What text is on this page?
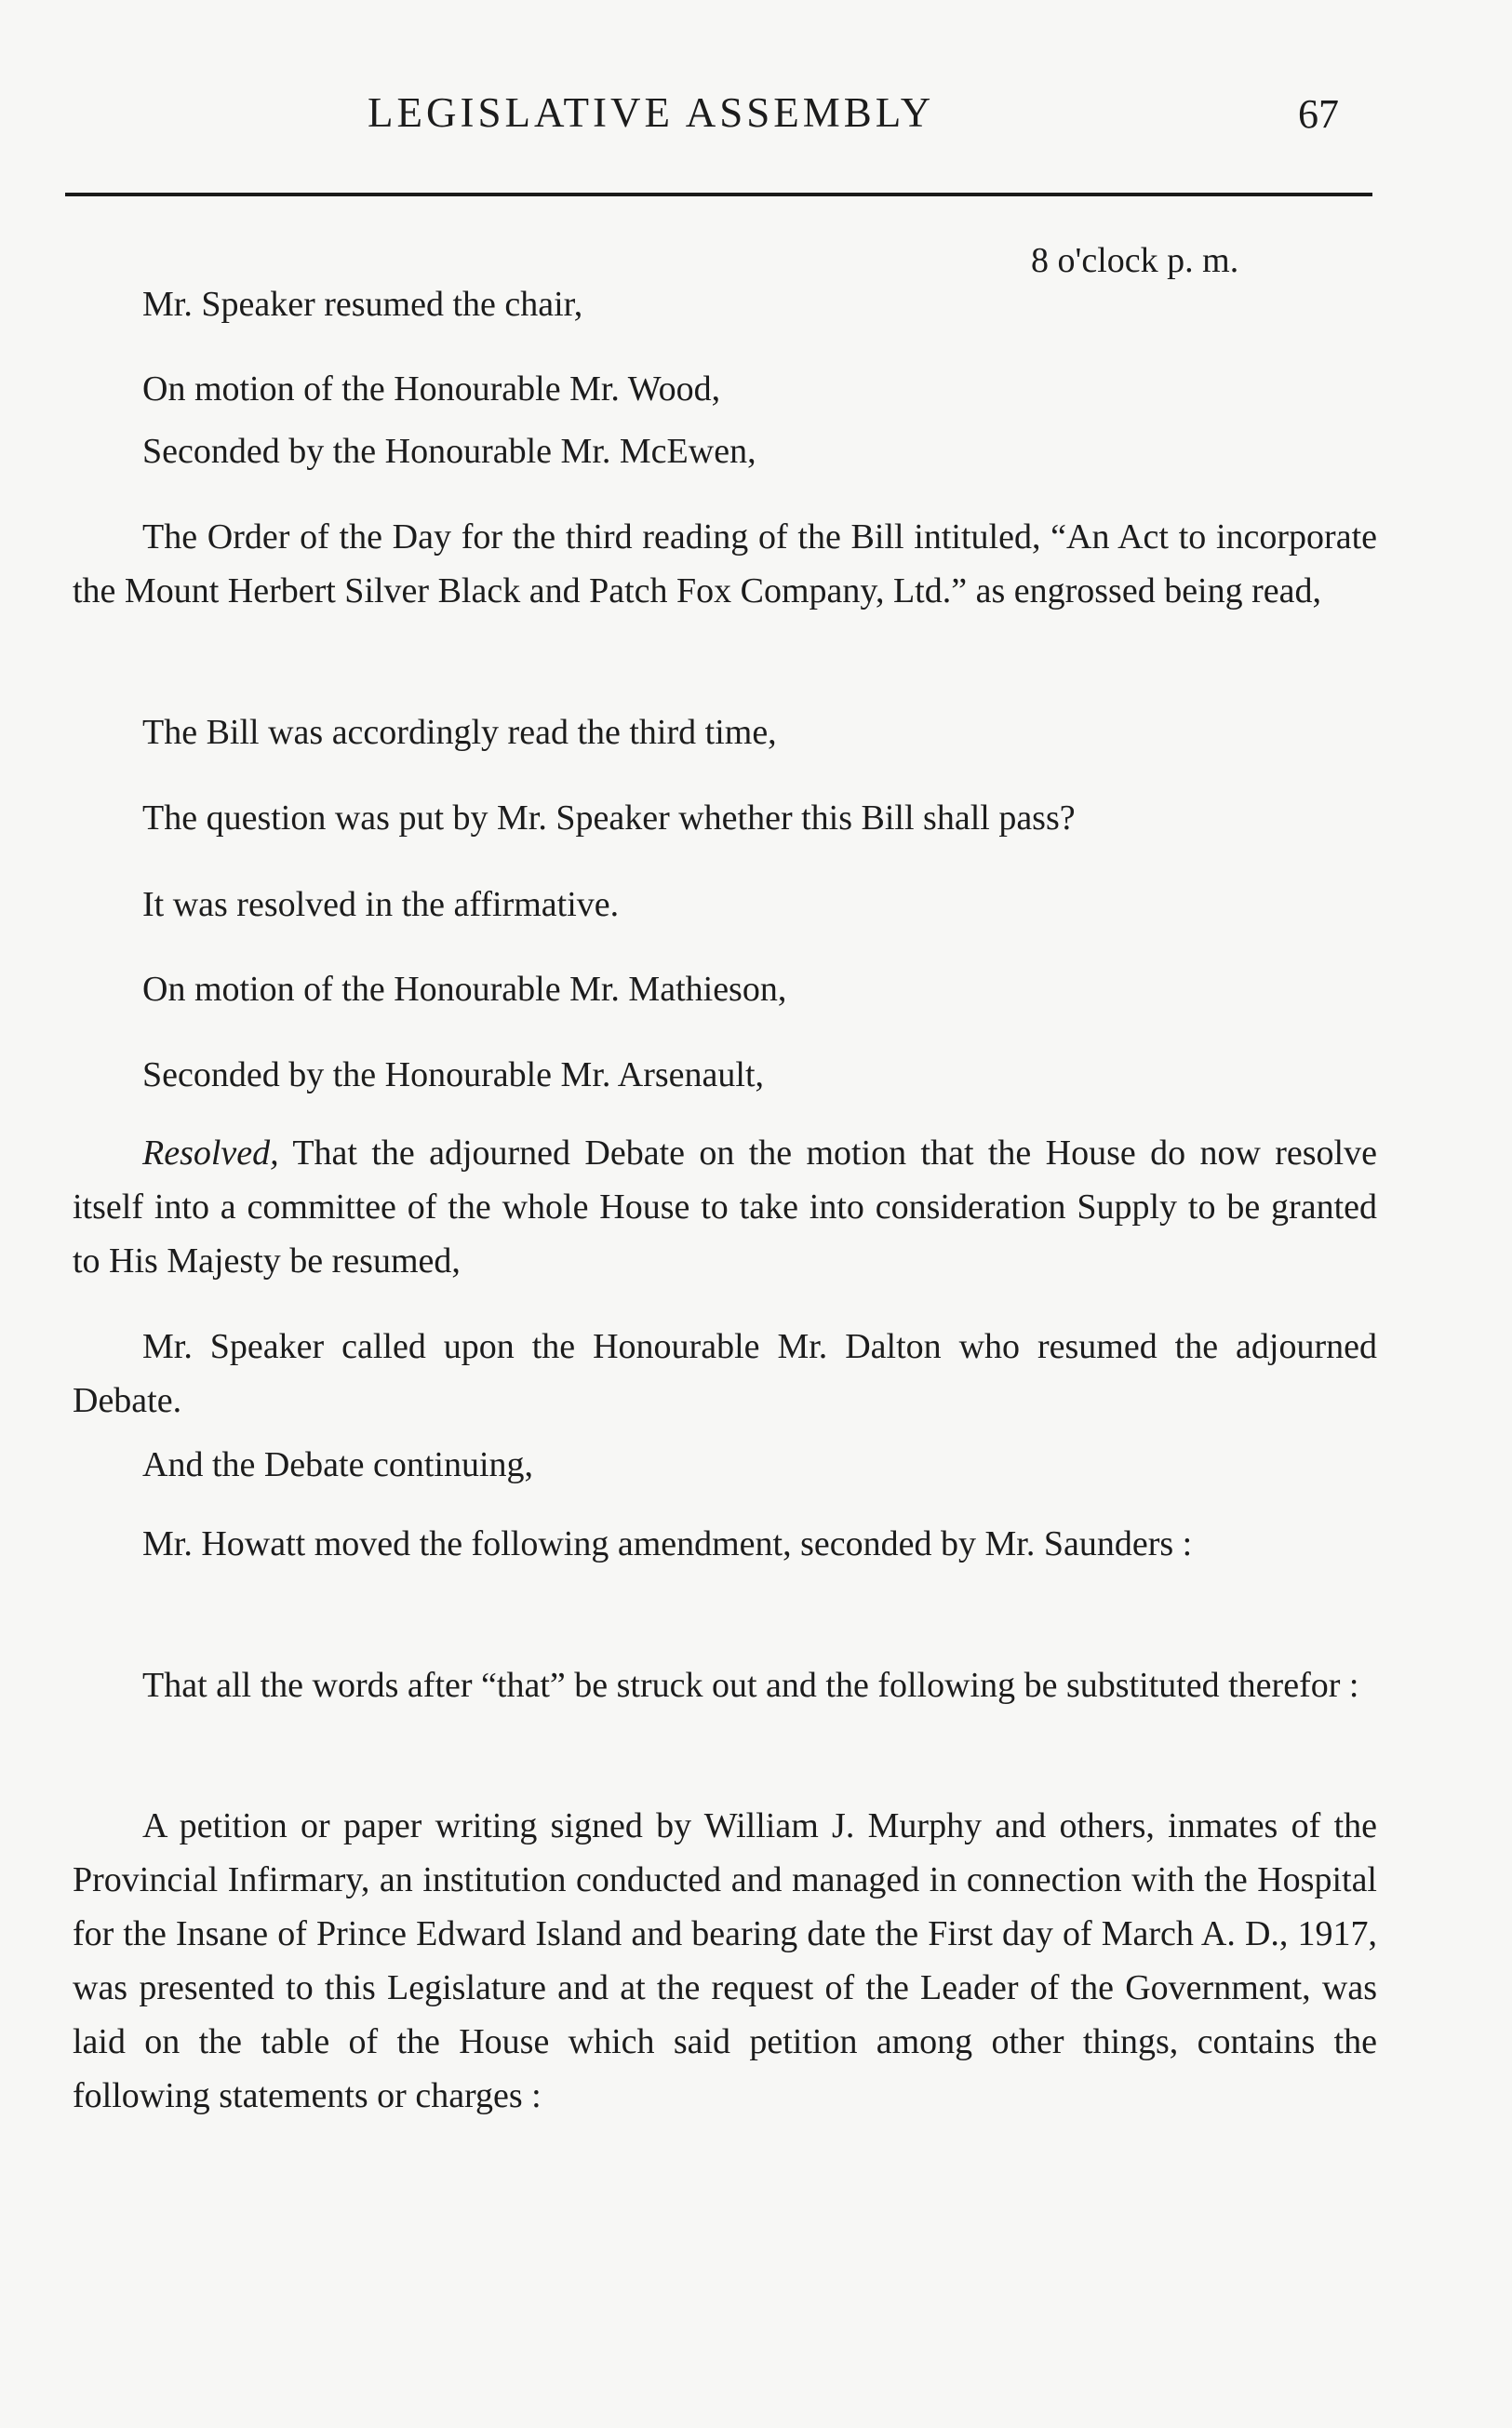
LEGISLATIVE ASSEMBLY	67
8 o'clock p. m.

Mr. Speaker resumed the chair,

On motion of the Honourable Mr. Wood,

Seconded by the Honourable Mr. McEwen,

The Order of the Day for the third reading of the Bill intituled, “An Act to incorporate the Mount Herbert Silver Black and Patch Fox Company, Ltd.” as engrossed being read,

The Bill was accordingly read the third time,

The question was put by Mr. Speaker whether this Bill shall pass?

It was resolved in the affirmative.

On motion of the Honourable Mr. Mathieson,

Seconded by the Honourable Mr. Arsenault,

Resolved, That the adjourned Debate on the motion that the House do now resolve itself into a committee of the whole House to take into consideration Supply to be granted to His Majesty be resumed,

Mr. Speaker called upon the Honourable Mr. Dalton who resumed the adjourned Debate.

And the Debate continuing,

Mr. Howatt moved the following amendment, seconded by Mr. Saunders :

That all the words after “that” be struck out and the following be substituted therefor :

A petition or paper writing signed by William J. Murphy and others, inmates of the Provincial Infirmary, an institution conducted and managed in connection with the Hospital for the Insane of Prince Edward Island and bearing date the First day of March A. D., 1917, was presented to this Legislature and at the request of the Leader of the Government, was laid on the table of the House which said petition among other things, contains the following statements or charges :
